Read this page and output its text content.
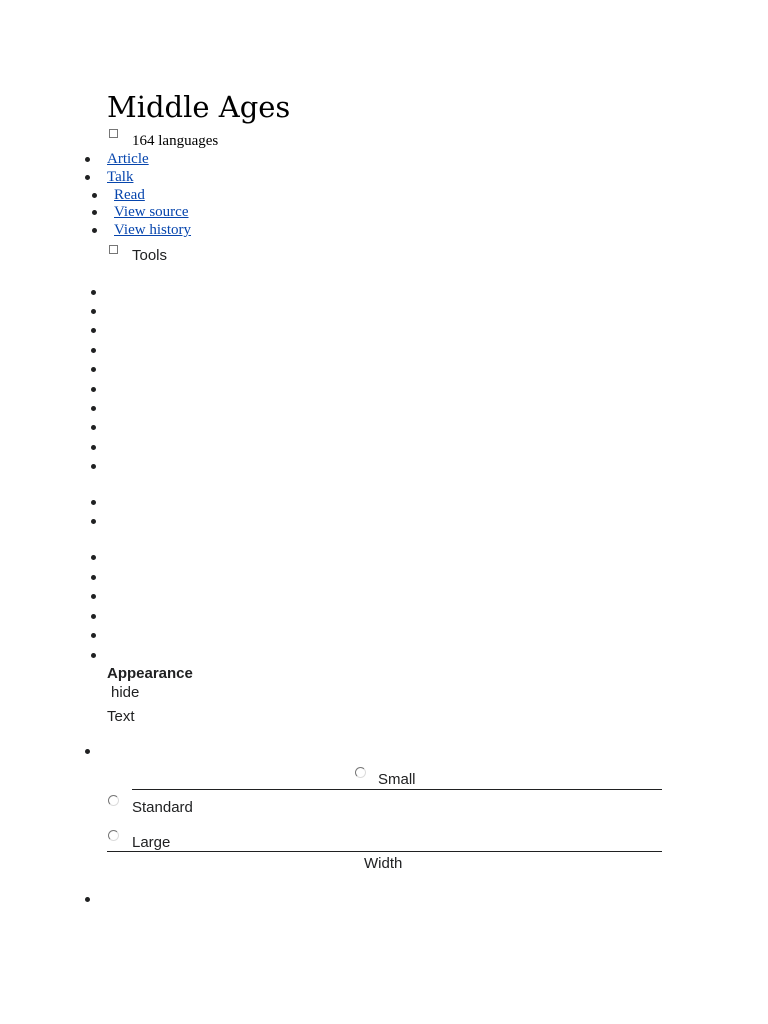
Middle Ages
164 languages
Article
Talk
Read
View source
View history
Tools
Appearance
hide
Text
Small
Standard
Large
Width
